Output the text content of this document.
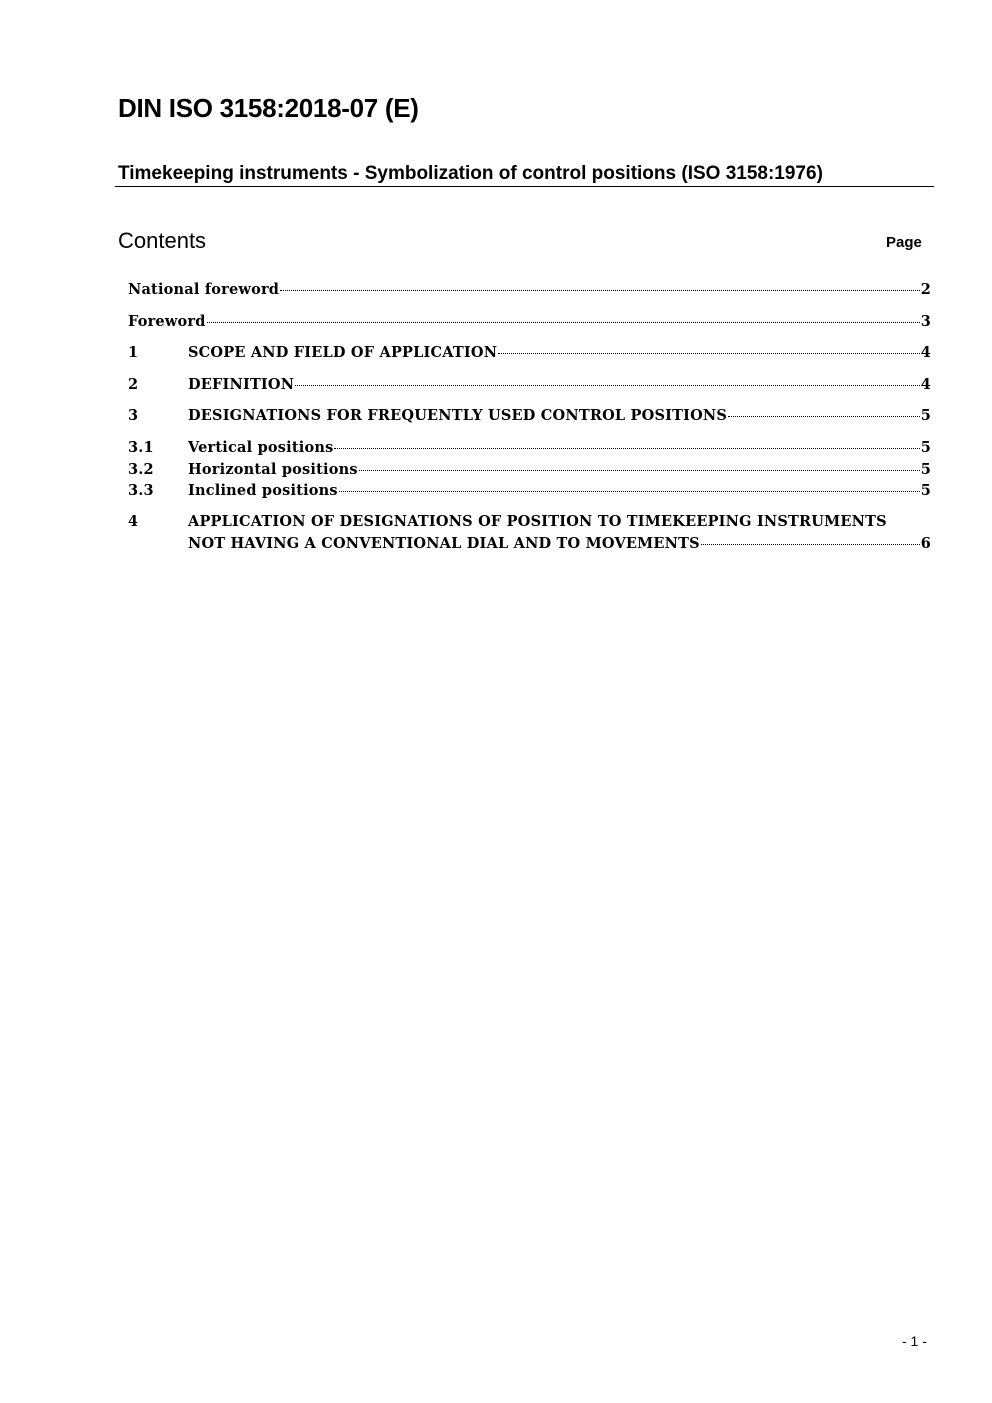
DIN ISO 3158:2018-07 (E)
Timekeeping instruments - Symbolization of control positions (ISO 3158:1976)
Contents	Page
National foreword	2
Foreword	3
1	SCOPE AND FIELD OF APPLICATION	4
2	DEFINITION	4
3	DESIGNATIONS FOR FREQUENTLY USED CONTROL POSITIONS	5
3.1	Vertical positions	5
3.2	Horizontal positions	5
3.3	Inclined positions	5
4	APPLICATION OF DESIGNATIONS OF POSITION TO TIMEKEEPING INSTRUMENTS
NOT HAVING A CONVENTIONAL DIAL AND TO MOVEMENTS	6
- 1 -
